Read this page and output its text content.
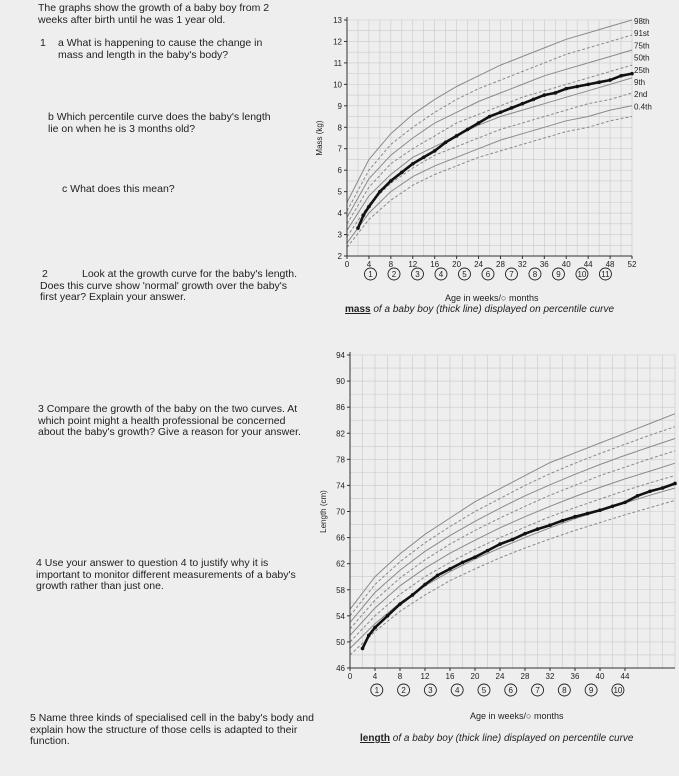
The graphs show the growth of a baby boy from 2 weeks after birth until he was 1 year old.

1 a What is happening to cause the change in mass and length in the baby's body?

b Which percentile curve does the baby's length lie on when he is 3 months old?

c What does this mean?

2	Look at the growth curve for the baby's length. Does this curve show 'normal' growth over the baby's first year? Explain your answer.

3 Compare the growth of the baby on the two curves. At which point might a health professional be concerned about the baby's growth? Give a reason for your answer.

4 Use your answer to question 4 to justify why it is important to monitor different measurements of a baby's growth rather than just one.

5 Name three kinds of specialised cell in the baby's body and explain how the structure of those cells is adapted to their function.

2
3
4
5
6
7
8
9
10
11
12
13
0 4 8 12 16 20 24 28 32 36 40 44 48 52
1 2 3 4 5 6 7 8 9 10 11
Mass (kg)
98th
91st
75th
50th
25th
9th
2nd
0.4th
Age in weeks/○ months
mass of a baby boy (thick line) displayed on percentile curve
46
50
54
58
62
66
70
74
78
82
86
90
94
0	4	8 12 16 20 24 28 32 36 40 44
1	2	3	4	5	6	7	8	9	10
Length (cm)
Age in weeks/○ months
length of a baby boy (thick line) displayed on percentile curve
